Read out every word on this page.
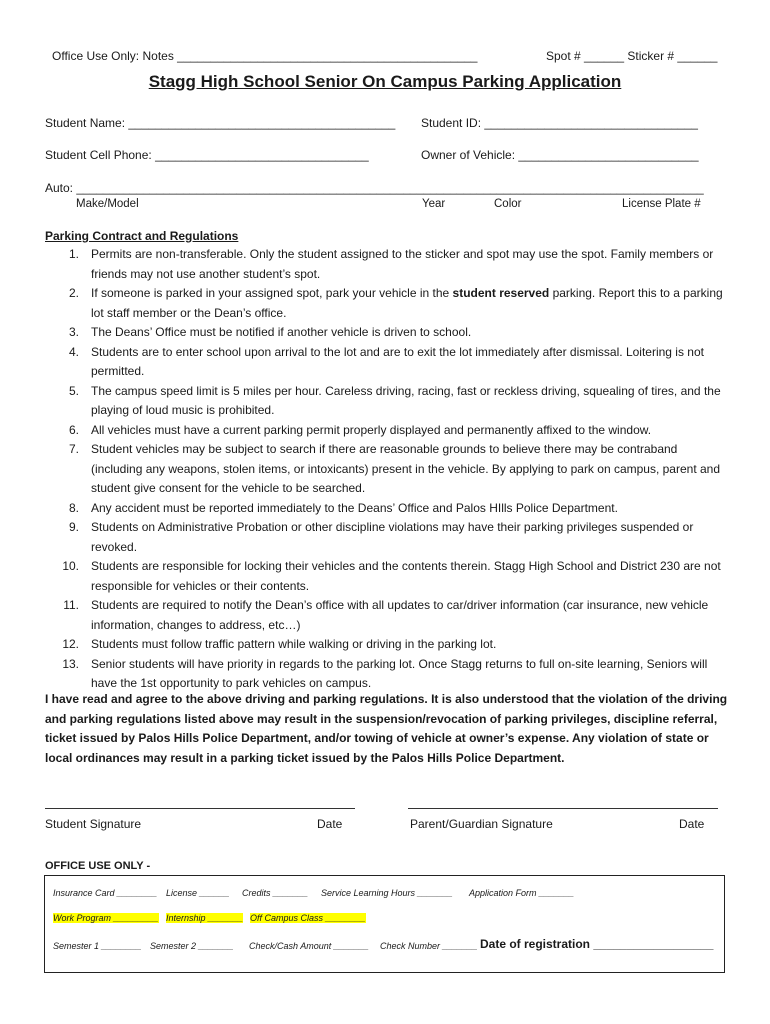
Office Use Only: Notes _____________________________________________	Spot # ______ Sticker # ______
Stagg High School Senior On Campus Parking Application
Student Name: ________________________________________ Student ID: ________________________________
Student Cell Phone: ________________________________	Owner of Vehicle: ___________________________
Auto: ______________________________________________________________________________________________
Make/Model	Year	Color	License Plate #
Parking Contract and Regulations
1. Permits are non-transferable. Only the student assigned to the sticker and spot may use the spot. Family members or friends may not use another student’s spot.
2. If someone is parked in your assigned spot, park your vehicle in the student reserved parking. Report this to a parking lot staff member or the Dean’s office.
3. The Deans’ Office must be notified if another vehicle is driven to school.
4. Students are to enter school upon arrival to the lot and are to exit the lot immediately after dismissal. Loitering is not permitted.
5. The campus speed limit is 5 miles per hour. Careless driving, racing, fast or reckless driving, squealing of tires, and the playing of loud music is prohibited.
6. All vehicles must have a current parking permit properly displayed and permanently affixed to the window.
7. Student vehicles may be subject to search if there are reasonable grounds to believe there may be contraband (including any weapons, stolen items, or intoxicants) present in the vehicle. By applying to park on campus, parent and student give consent for the vehicle to be searched.
8. Any accident must be reported immediately to the Deans’ Office and Palos HIlls Police Department.
9. Students on Administrative Probation or other discipline violations may have their parking privileges suspended or revoked.
10. Students are responsible for locking their vehicles and the contents therein. Stagg High School and District 230 are not responsible for vehicles or their contents.
11. Students are required to notify the Dean’s office with all updates to car/driver information (car insurance, new vehicle information, changes to address, etc…)
12. Students must follow traffic pattern while walking or driving in the parking lot.
13. Senior students will have priority in regards to the parking lot. Once Stagg returns to full on-site learning, Seniors will have the 1st opportunity to park vehicles on campus.

I have read and agree to the above driving and parking regulations. It is also understood that the violation of the driving and parking regulations listed above may result in the suspension/revocation of parking privileges, discipline referral, ticket issued by Palos Hills Police Department, and/or towing of vehicle at owner’s expense. Any violation of state or local ordinances may result in a parking ticket issued by the Palos Hills Police Department.

Student Signature	Date	Parent/Guardian Signature	Date
OFFICE USE ONLY -
Insurance Card ________ License ______ Credits _______ Service Learning Hours _______ Application Form _______
Work Program _________ Internship _______ Off Campus Class ________
Semester 1 ________ Semester 2 _______ Check/Cash Amount _______ Check Number _______ Date of registration __________________
